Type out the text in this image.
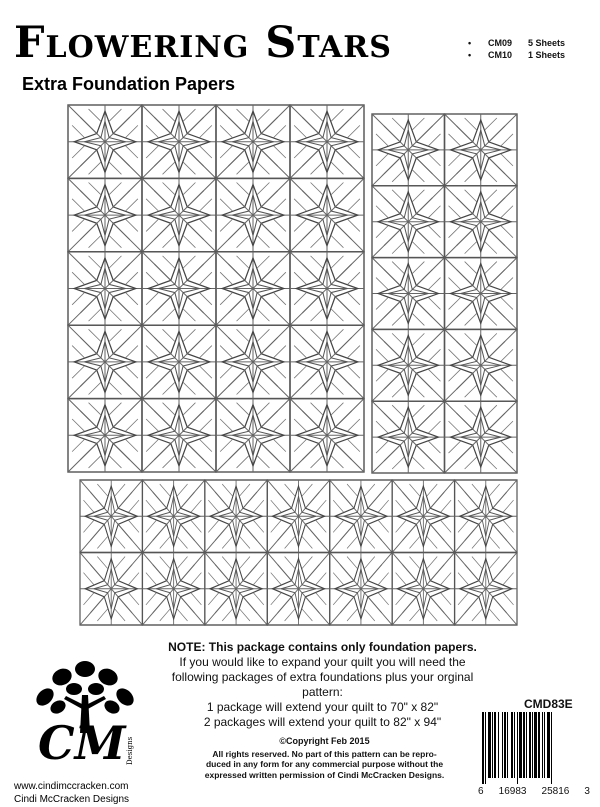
Flowering Stars
Extra Foundation Papers
•	CM09	5 Sheets
•	CM10	1 Sheets
NOTE: This package contains only foundation papers.
If you would like to expand your quilt you will need the
following packages of extra foundations plus your orginal
pattern:
1 package will extend your quilt to 70" x 82"
2 packages will extend your quilt to 82" x 94"
CMD83E
6 16983 25816 3
©Copyright Feb 2015
All rights reserved. No part of this pattern can be repro-
duced in any form for any commercial purpose without the
expressed written permission of Cindi McCracken Designs.
CM Designs
www.cindimccracken.com
Cindi McCracken Designs
